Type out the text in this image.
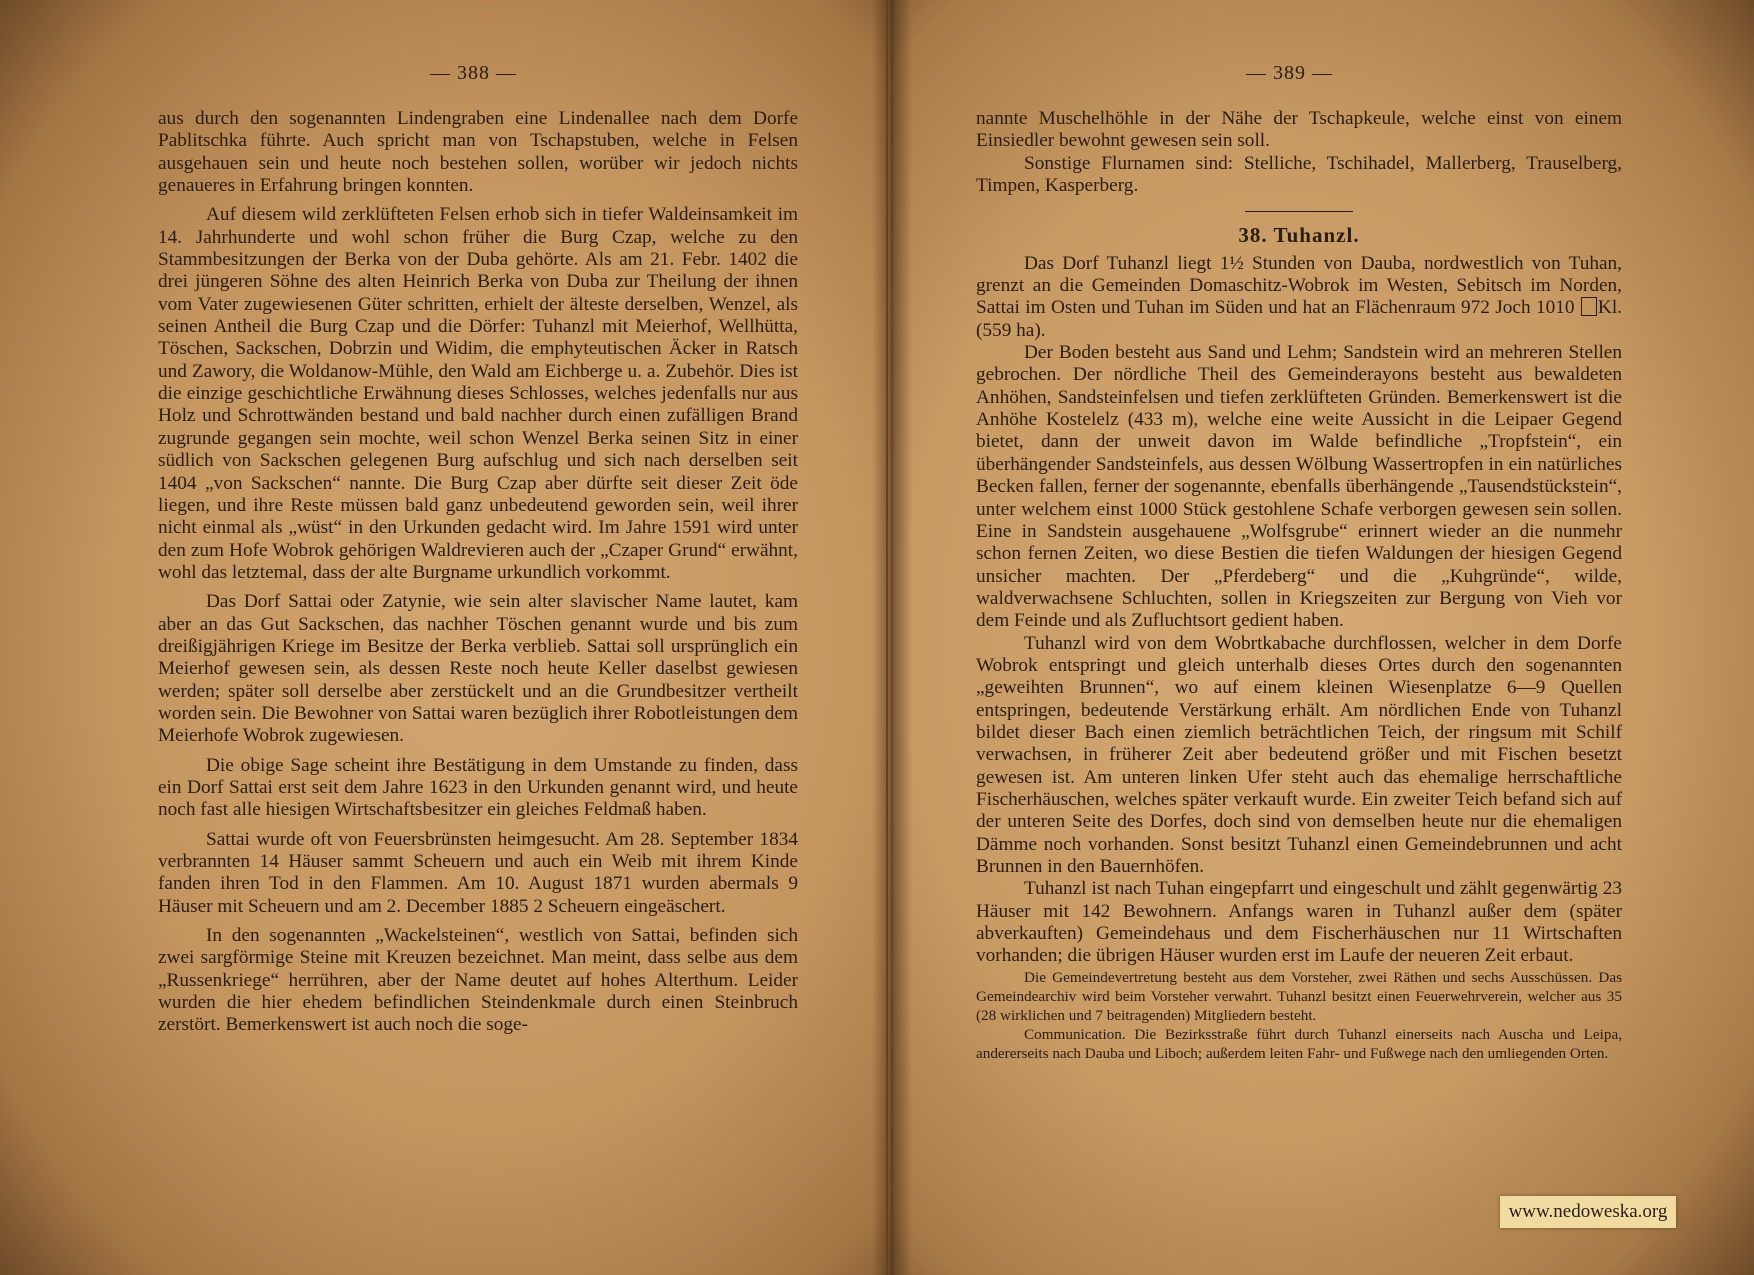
— 388 —

aus durch den sogenannten Lindengraben eine Lindenallee nach dem Dorfe Pablitschka führte. Auch spricht man von Tschapstuben, welche in Felsen ausgehauen sein und heute noch bestehen sollen, worüber wir jedoch nichts genaueres in Erfahrung bringen konnten.

Auf diesem wild zerklüfteten Felsen erhob sich in tiefer Waldeinsamkeit im 14. Jahrhunderte und wohl schon früher die Burg Czap, welche zu den Stammbesitzungen der Berka von der Duba gehörte. Als am 21. Febr. 1402 die drei jüngeren Söhne des alten Heinrich Berka von Duba zur Theilung der ihnen vom Vater zugewiesenen Güter schritten, erhielt der älteste derselben, Wenzel, als seinen Antheil die Burg Czap und die Dörfer: Tuhanzl mit Meierhof, Wellhütta, Töschen, Sackschen, Dobrzin und Widim, die emphyteutischen Äcker in Ratsch und Zawory, die Woldanow-Mühle, den Wald am Eichberge u. a. Zubehör. Dies ist die einzige geschichtliche Erwähnung dieses Schlosses, welches jedenfalls nur aus Holz und Schrottwänden bestand und bald nachher durch einen zufälligen Brand zugrunde gegangen sein mochte, weil schon Wenzel Berka seinen Sitz in einer südlich von Sackschen gelegenen Burg aufschlug und sich nach derselben seit 1404 „von Sackschen“ nannte. Die Burg Czap aber dürfte seit dieser Zeit öde liegen, und ihre Reste müssen bald ganz unbedeutend geworden sein, weil ihrer nicht einmal als „wüst“ in den Urkunden gedacht wird. Im Jahre 1591 wird unter den zum Hofe Wobrok gehörigen Waldrevieren auch der „Czaper Grund“ erwähnt, wohl das letztemal, dass der alte Burgname urkundlich vorkommt.

Das Dorf Sattai oder Zatynie, wie sein alter slavischer Name lautet, kam aber an das Gut Sackschen, das nachher Töschen genannt wurde und bis zum dreißigjährigen Kriege im Besitze der Berka verblieb. Sattai soll ursprünglich ein Meierhof gewesen sein, als dessen Reste noch heute Keller daselbst gewiesen werden; später soll derselbe aber zerstückelt und an die Grundbesitzer vertheilt worden sein. Die Bewohner von Sattai waren bezüglich ihrer Robotleistungen dem Meierhofe Wobrok zugewiesen.

Die obige Sage scheint ihre Bestätigung in dem Umstande zu finden, dass ein Dorf Sattai erst seit dem Jahre 1623 in den Urkunden genannt wird, und heute noch fast alle hiesigen Wirtschaftsbesitzer ein gleiches Feldmaß haben.

Sattai wurde oft von Feuersbrünsten heimgesucht. Am 28. September 1834 verbrannten 14 Häuser sammt Scheuern und auch ein Weib mit ihrem Kinde fanden ihren Tod in den Flammen. Am 10. August 1871 wurden abermals 9 Häuser mit Scheuern und am 2. December 1885 2 Scheuern eingeäschert.

In den sogenannten „Wackelsteinen“, westlich von Sattai, befinden sich zwei sargförmige Steine mit Kreuzen bezeichnet. Man meint, dass selbe aus dem „Russenkriege“ herrühren, aber der Name deutet auf hohes Alterthum. Leider wurden die hier ehedem befindlichen Steindenkmale durch einen Steinbruch zerstört. Bemerkenswert ist auch noch die soge-

— 389 —

nannte Muschelhöhle in der Nähe der Tschapkeule, welche einst von einem Einsiedler bewohnt gewesen sein soll.

Sonstige Flurnamen sind: Stelliche, Tschihadel, Mallerberg, Trauselberg, Timpen, Kasperberg.

38. Tuhanzl.

Das Dorf Tuhanzl liegt 1½ Stunden von Dauba, nordwestlich von Tuhan, grenzt an die Gemeinden Domaschitz-Wobrok im Westen, Sebitsch im Norden, Sattai im Osten und Tuhan im Süden und hat an Flächenraum 972 Joch 1010 Kl. (559 ha).

Der Boden besteht aus Sand und Lehm; Sandstein wird an mehreren Stellen gebrochen. Der nördliche Theil des Gemeinderayons besteht aus bewaldeten Anhöhen, Sandsteinfelsen und tiefen zerklüfteten Gründen. Bemerkenswert ist die Anhöhe Kostelelz (433 m), welche eine weite Aussicht in die Leipaer Gegend bietet, dann der unweit davon im Walde befindliche „Tropfstein“, ein überhängender Sandsteinfels, aus dessen Wölbung Wassertropfen in ein natürliches Becken fallen, ferner der sogenannte, ebenfalls überhängende „Tausendstückstein“, unter welchem einst 1000 Stück gestohlene Schafe verborgen gewesen sein sollen. Eine in Sandstein ausgehauene „Wolfsgrube“ erinnert wieder an die nunmehr schon fernen Zeiten, wo diese Bestien die tiefen Waldungen der hiesigen Gegend unsicher machten. Der „Pferdeberg“ und die „Kuhgründe“, wilde, waldverwachsene Schluchten, sollen in Kriegszeiten zur Bergung von Vieh vor dem Feinde und als Zufluchtsort gedient haben.

Tuhanzl wird von dem Wobrtkabache durchflossen, welcher in dem Dorfe Wobrok entspringt und gleich unterhalb dieses Ortes durch den sogenannten „geweihten Brunnen“, wo auf einem kleinen Wiesenplatze 6—9 Quellen entspringen, bedeutende Verstärkung erhält. Am nördlichen Ende von Tuhanzl bildet dieser Bach einen ziemlich beträchtlichen Teich, der ringsum mit Schilf verwachsen, in früherer Zeit aber bedeutend größer und mit Fischen besetzt gewesen ist. Am unteren linken Ufer steht auch das ehemalige herrschaftliche Fischerhäuschen, welches später verkauft wurde. Ein zweiter Teich befand sich auf der unteren Seite des Dorfes, doch sind von demselben heute nur die ehemaligen Dämme noch vorhanden. Sonst besitzt Tuhanzl einen Gemeindebrunnen und acht Brunnen in den Bauernhöfen.

Tuhanzl ist nach Tuhan eingepfarrt und eingeschult und zählt gegenwärtig 23 Häuser mit 142 Bewohnern. Anfangs waren in Tuhanzl außer dem (später abverkauften) Gemeindehaus und dem Fischerhäuschen nur 11 Wirtschaften vorhanden; die übrigen Häuser wurden erst im Laufe der neueren Zeit erbaut.

Die Gemeindevertretung besteht aus dem Vorsteher, zwei Räthen und sechs Ausschüssen. Das Gemeindearchiv wird beim Vorsteher verwahrt. Tuhanzl besitzt einen Feuerwehrverein, welcher aus 35 (28 wirklichen und 7 beitragenden) Mitgliedern besteht.

Communication. Die Bezirksstraße führt durch Tuhanzl einerseits nach Auscha und Leipa, andererseits nach Dauba und Liboch; außerdem leiten Fahr- und Fußwege nach den umliegenden Orten.

www.nedoweska.org
